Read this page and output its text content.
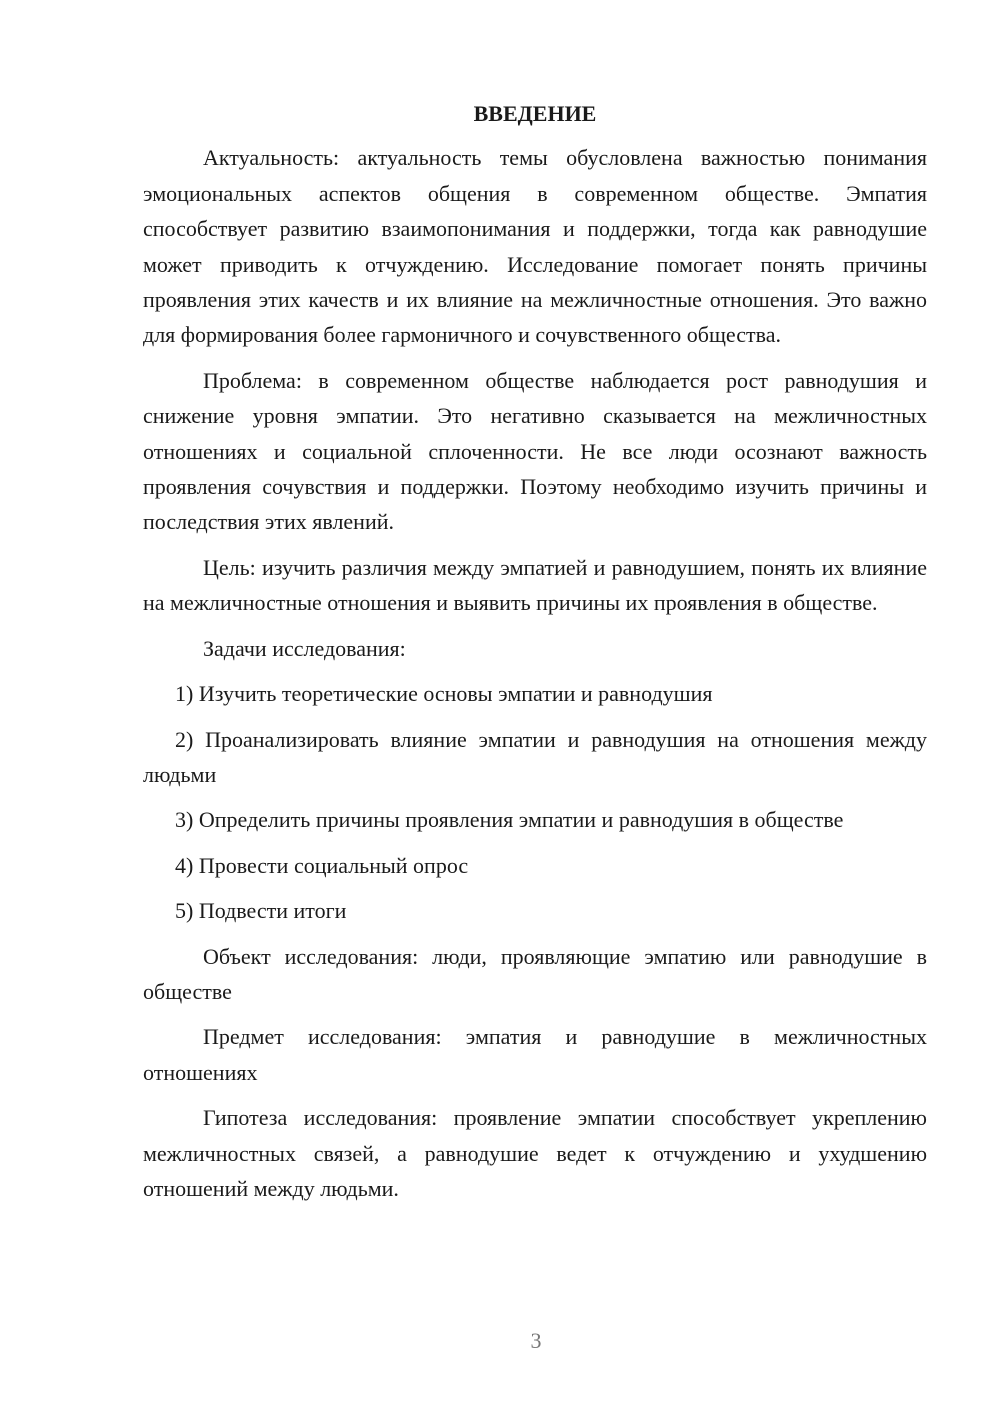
ВВЕДЕНИЕ

Актуальность: актуальность темы обусловлена важностью понимания эмоциональных аспектов общения в современном обществе. Эмпатия способствует развитию взаимопонимания и поддержки, тогда как равнодушие может приводить к отчуждению. Исследование помогает понять причины проявления этих качеств и их влияние на межличностные отношения. Это важно для формирования более гармоничного и сочувственного общества.

Проблема: в современном обществе наблюдается рост равнодушия и снижение уровня эмпатии. Это негативно сказывается на межличностных отношениях и социальной сплоченности. Не все люди осознают важность проявления сочувствия и поддержки. Поэтому необходимо изучить причины и последствия этих явлений.

Цель: изучить различия между эмпатией и равнодушием, понять их влияние на межличностные отношения и выявить причины их проявления в обществе.

Задачи исследования:

1) Изучить теоретические основы эмпатии и равнодушия

2) Проанализировать влияние эмпатии и равнодушия на отношения между людьми

3) Определить причины проявления эмпатии и равнодушия в обществе

4) Провести социальный опрос

5) Подвести итоги

Объект исследования: люди, проявляющие эмпатию или равнодушие в обществе

Предмет исследования: эмпатия и равнодушие в межличностных отношениях

Гипотеза исследования: проявление эмпатии способствует укреплению межличностных связей, а равнодушие ведет к отчуждению и ухудшению отношений между людьми.

3
